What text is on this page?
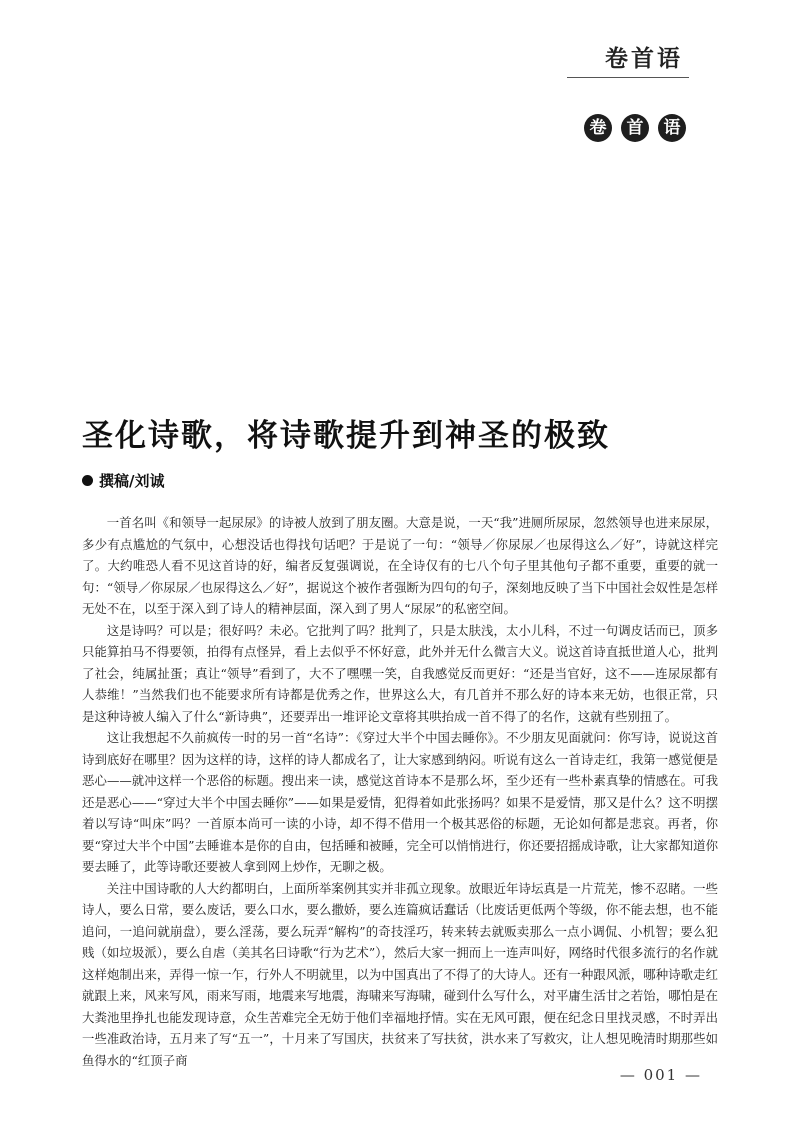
卷首语
卷	首	语
圣化诗歌，将诗歌提升到神圣的极致
撰稿/刘诚

一首名叫《和领导一起尿尿》的诗被人放到了朋友圈。大意是说，一天“我”进厕所尿尿，忽然领导也进来尿尿，多少有点尴尬的气氛中，心想没话也得找句话吧？于是说了一句：“领导／你尿尿／也尿得这么／好”，诗就这样完了。大约唯恐人看不见这首诗的好，编者反复强调说，在全诗仅有的七八个句子里其他句子都不重要，重要的就一句：“领导／你尿尿／也尿得这么／好”，据说这个被作者强断为四句的句子，深刻地反映了当下中国社会奴性是怎样无处不在，以至于深入到了诗人的精神层面，深入到了男人“尿尿”的私密空间。

这是诗吗？可以是；很好吗？未必。它批判了吗？批判了，只是太肤浅，太小儿科，不过一句调皮话而已，顶多只能算拍马不得要领，拍得有点怪异，看上去似乎不怀好意，此外并无什么微言大义。说这首诗直抵世道人心，批判了社会，纯属扯蛋；真让“领导”看到了，大不了嘿嘿一笑，自我感觉反而更好：“还是当官好，这不——连尿尿都有人恭维！”当然我们也不能要求所有诗都是优秀之作，世界这么大，有几首并不那么好的诗本来无妨，也很正常，只是这种诗被人编入了什么“新诗典”，还要弄出一堆评论文章将其哄抬成一首不得了的名作，这就有些别扭了。

这让我想起不久前疯传一时的另一首“名诗”：《穿过大半个中国去睡你》。不少朋友见面就问：你写诗，说说这首诗到底好在哪里？因为这样的诗，这样的诗人都成名了，让大家感到纳闷。听说有这么一首诗走红，我第一感觉便是恶心——就冲这样一个恶俗的标题。搜出来一读，感觉这首诗本不是那么坏，至少还有一些朴素真挚的情感在。可我还是恶心——“穿过大半个中国去睡你”——如果是爱情，犯得着如此张扬吗？如果不是爱情，那又是什么？这不明摆着以写诗“叫床”吗？一首原本尚可一读的小诗，却不得不借用一个极其恶俗的标题，无论如何都是悲哀。再者，你要“穿过大半个中国”去睡谁本是你的自由，包括睡和被睡，完全可以悄悄进行，你还要招摇成诗歌，让大家都知道你要去睡了，此等诗歌还要被人拿到网上炒作，无聊之极。

关注中国诗歌的人大约都明白，上面所举案例其实并非孤立现象。放眼近年诗坛真是一片荒芜，惨不忍睹。一些诗人，要么日常，要么废话，要么口水，要么撒娇，要么连篇疯话蠢话（比废话更低两个等级，你不能去想，也不能追问，一追问就崩盘），要么淫荡，要么玩弄“解构”的奇技淫巧，转来转去就贩卖那么一点小调侃、小机智；要么犯贱（如垃圾派），要么自虐（美其名曰诗歌“行为艺术”），然后大家一拥而上一连声叫好，网络时代很多流行的名作就这样炮制出来，弄得一惊一乍，行外人不明就里，以为中国真出了不得了的大诗人。还有一种跟风派，哪种诗歌走红就跟上来，风来写风，雨来写雨，地震来写地震，海啸来写海啸，碰到什么写什么，对平庸生活甘之若饴，哪怕是在大粪池里挣扎也能发现诗意，众生苦难完全无妨于他们幸福地抒情。实在无风可跟，便在纪念日里找灵感，不时弄出一些准政治诗，五月来了写“五一”，十月来了写国庆，扶贫来了写扶贫，洪水来了写救灾，让人想见晚清时期那些如鱼得水的“红顶子商

— 001 —
